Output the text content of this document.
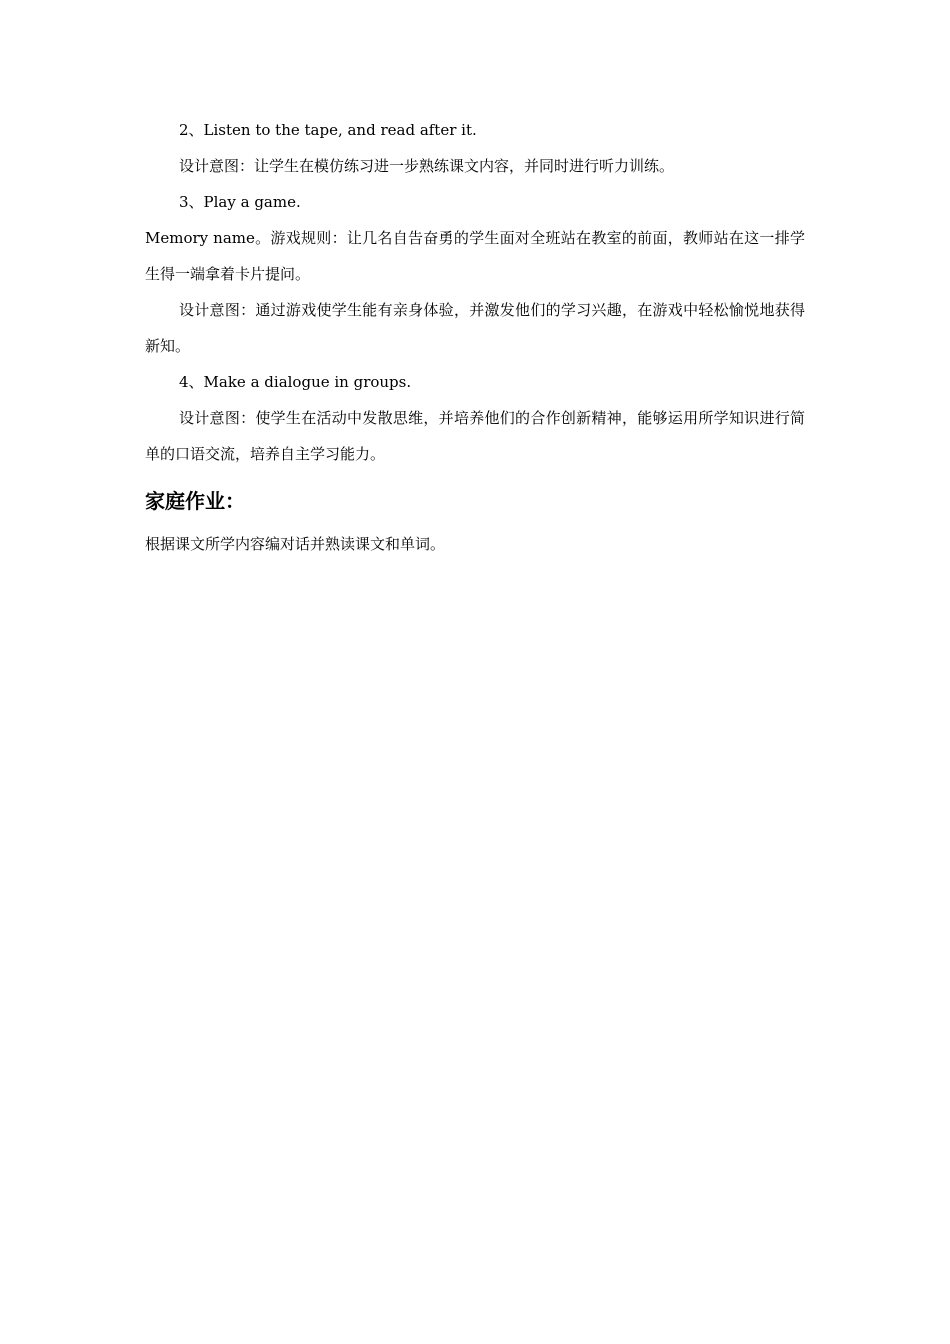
2、Listen to the tape, and read after it.

设计意图：让学生在模仿练习进一步熟练课文内容，并同时进行听力训练。

3、Play a game.

Memory name。游戏规则：让几名自告奋勇的学生面对全班站在教室的前面，教师站在这一排学生得一端拿着卡片提问。

设计意图：通过游戏使学生能有亲身体验，并激发他们的学习兴趣，在游戏中轻松愉悦地获得新知。

4、Make a dialogue in groups.

设计意图：使学生在活动中发散思维，并培养他们的合作创新精神，能够运用所学知识进行简单的口语交流，培养自主学习能力。

家庭作业：

根据课文所学内容编对话并熟读课文和单词。
